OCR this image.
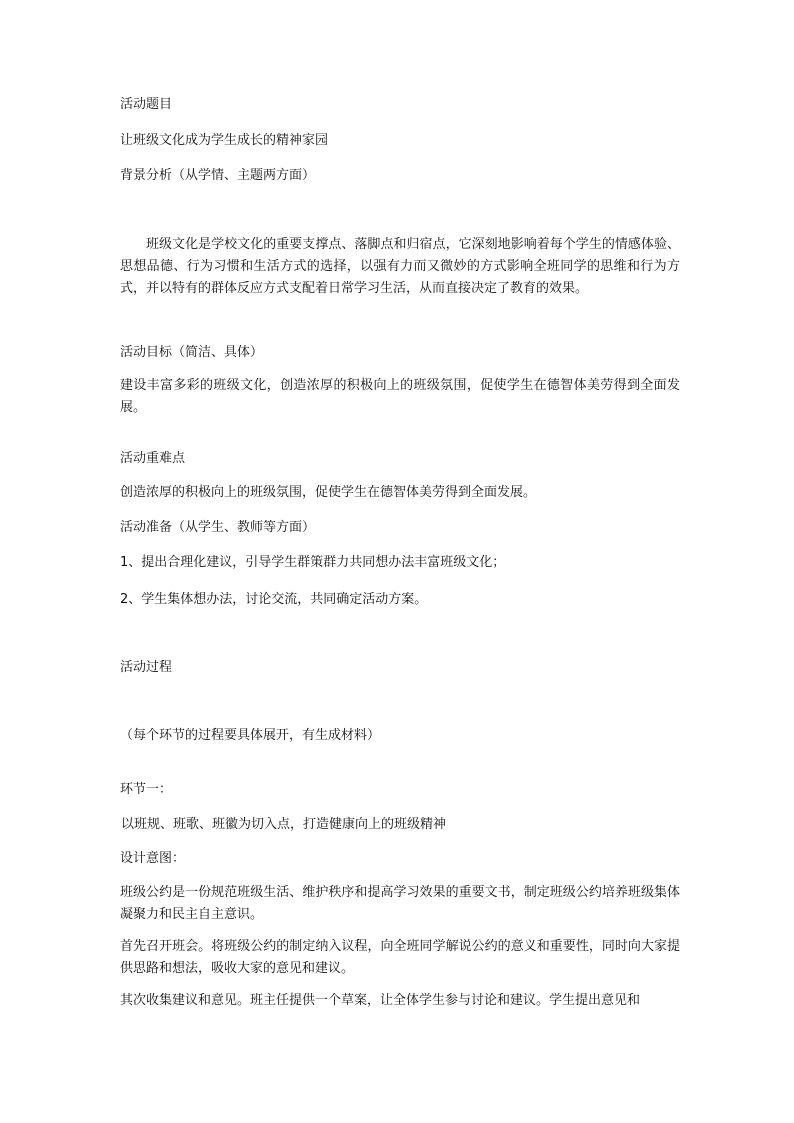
活动题目
让班级文化成为学生成长的精神家园
背景分析（从学情、主题两方面）
班级文化是学校文化的重要支撑点、落脚点和归宿点，它深刻地影响着每个学生的情感体验、思想品德、行为习惯和生活方式的选择，以强有力而又微妙的方式影响全班同学的思维和行为方式，并以特有的群体反应方式支配着日常学习生活，从而直接决定了教育的效果。
活动目标（简洁、具体）
建设丰富多彩的班级文化，创造浓厚的积极向上的班级氛围，促使学生在德智体美劳得到全面发展。
活动重难点
创造浓厚的积极向上的班级氛围，促使学生在德智体美劳得到全面发展。
活动准备（从学生、教师等方面）
1、提出合理化建议，引导学生群策群力共同想办法丰富班级文化；
2、学生集体想办法，讨论交流，共同确定活动方案。
活动过程
（每个环节的过程要具体展开，有生成材料）
环节一：
以班规、班歌、班徽为切入点，打造健康向上的班级精神
设计意图：
班级公约是一份规范班级生活、维护秩序和提高学习效果的重要文书，制定班级公约培养班级集体凝聚力和民主自主意识。
首先召开班会。将班级公约的制定纳入议程，向全班同学解说公约的意义和重要性，同时向大家提供思路和想法，吸收大家的意见和建议。
其次收集建议和意见。班主任提供一个草案，让全体学生参与讨论和建议。学生提出意见和
